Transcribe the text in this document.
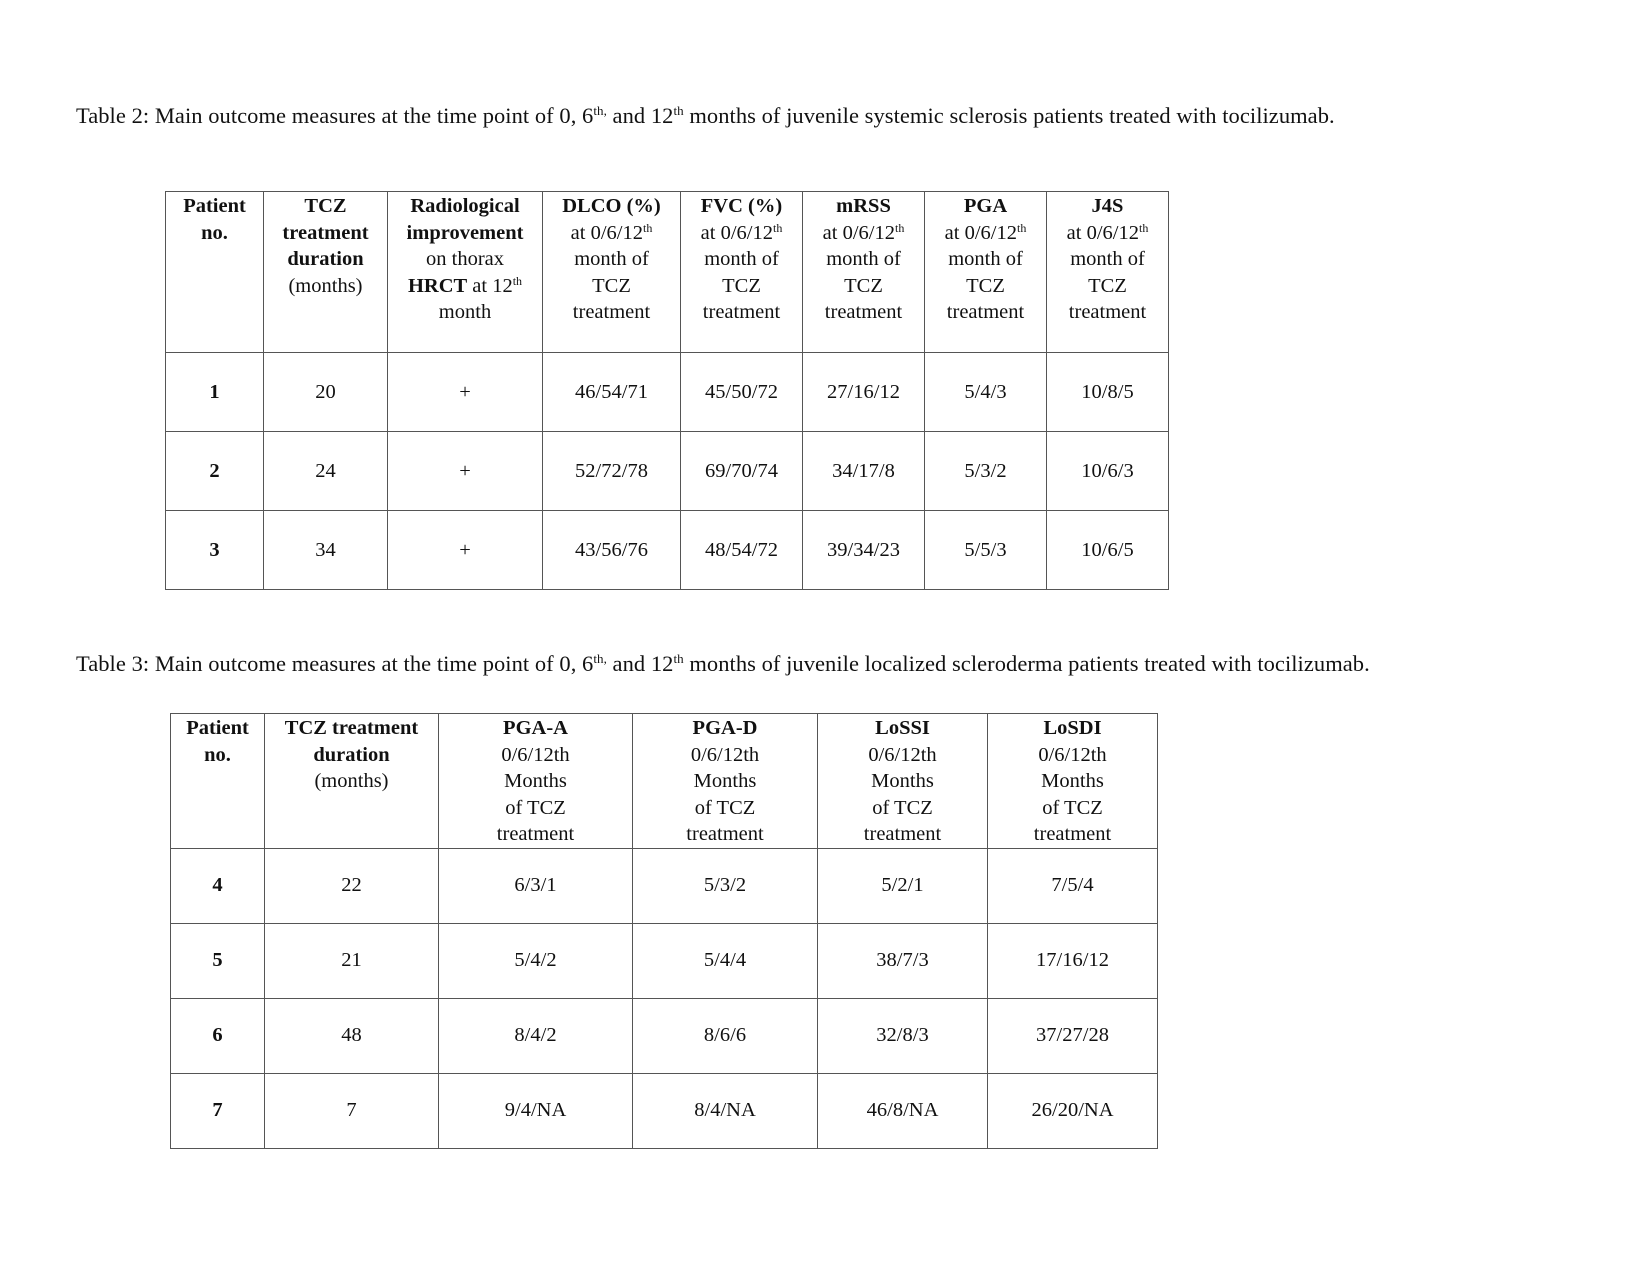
Table 2: Main outcome measures at the time point of 0, $6^{th,}$ and 12th months of juvenile systemic sclerosis patients treated with tocilizumab.
Patient
no.	TCZ
treatment
duration
(months)	Radiological
improvement
on thorax
HRCT at 12th
month	DLCO (%)
at 0/6/12th
month of
TCZ
treatment	FVC (%)
at 0/6/12th
month of
TCZ
treatment	mRSS
at 0/6/12th
month of
TCZ
treatment	PGA
at 0/6/12th
month of
TCZ
treatment	J4S
at 0/6/12th
month of
TCZ
treatment
1	20	+	46/54/71	45/50/72	27/16/12	5/4/3	10/8/5
2	24	+	52/72/78	69/70/74	34/17/8	5/3/2	10/6/3
3	34	+	43/56/76	48/54/72	39/34/23	5/5/3	10/6/5
Table 3: Main outcome measures at the time point of 0, $6^{th,}$ and 12th months of juvenile localized scleroderma patients treated with tocilizumab.
Patient
no.	TCZ treatment
duration
(months)	PGA-A
0/6/12th
Months
of TCZ
treatment	PGA-D
0/6/12th
Months
of TCZ
treatment	LoSSI
0/6/12th
Months
of TCZ
treatment	LoSDI
0/6/12th
Months
of TCZ
treatment
4	22	6/3/1	5/3/2	5/2/1	7/5/4
5	21	5/4/2	5/4/4	38/7/3	17/16/12
6	48	8/4/2	8/6/6	32/8/3	37/27/28
7	7	9/4/NA	8/4/NA	46/8/NA	26/20/NA
